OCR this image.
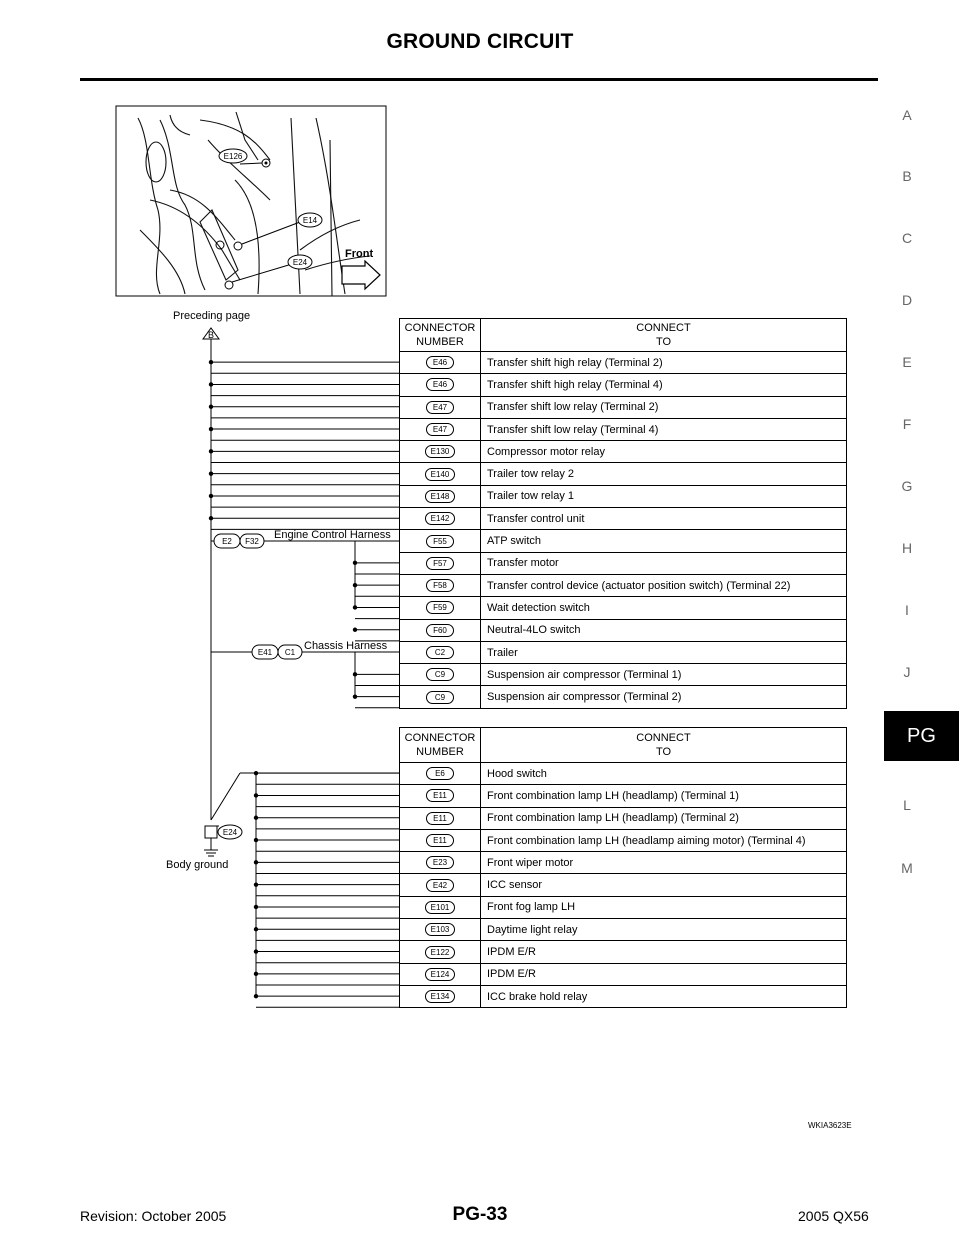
GROUND CIRCUIT
A
B
C
D
E
F
G
H
I
J
L
M
PG
E126
E14
E24
Front
Preceding page
B
E2 F32
Engine Control Harness
E41 C1
Chassis Harness
E24
Body ground
CONNECTOR
NUMBER	CONNECT
TO
E46	Transfer shift high relay (Terminal 2)
E46	Transfer shift high relay (Terminal 4)
E47	Transfer shift low relay (Terminal 2)
E47	Transfer shift low relay (Terminal 4)
E130	Compressor motor relay
E140	Trailer tow relay 2
E148	Trailer tow relay 1
E142	Transfer control unit
F55	ATP switch
F57	Transfer motor
F58	Transfer control device (actuator position switch) (Terminal 22)
F59	Wait detection switch
F60	Neutral-4LO switch
C2	Trailer
C9	Suspension air compressor (Terminal 1)
C9	Suspension air compressor (Terminal 2)
CONNECTOR
NUMBER	CONNECT
TO
E6	Hood switch
E11	Front combination lamp LH (headlamp) (Terminal 1)
E11	Front combination lamp LH (headlamp) (Terminal 2)
E11	Front combination lamp LH (headlamp aiming motor) (Terminal 4)
E23	Front wiper motor
E42	ICC sensor
E101	Front fog lamp LH
E103	Daytime light relay
E122	IPDM E/R
E124	IPDM E/R
E134	ICC brake hold relay
WKIA3623E
Revision: October 2005	PG-33	2005 QX56
